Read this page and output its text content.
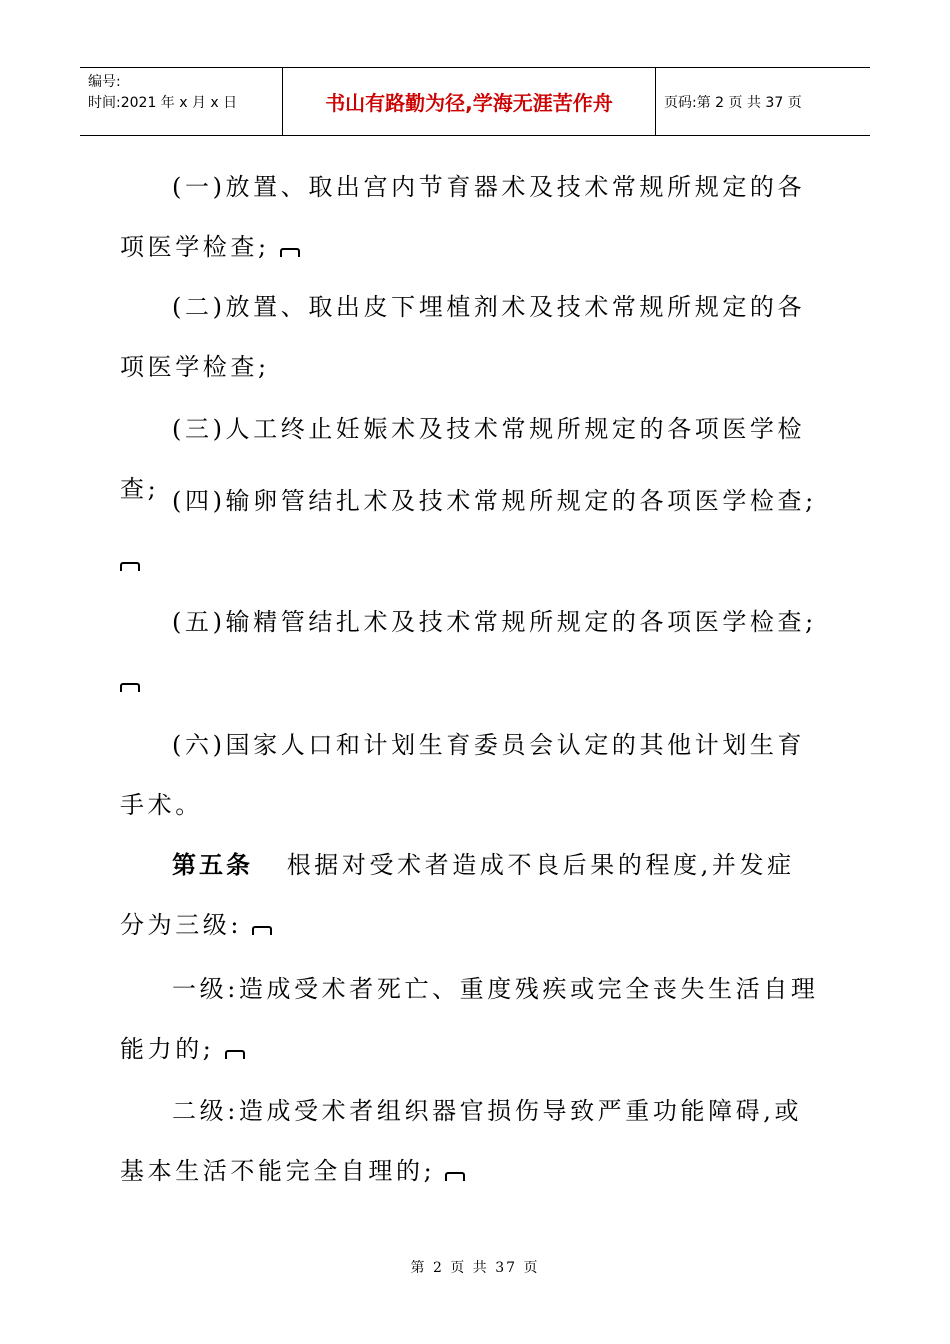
编号:
时间:2021 年 x 月 x 日	书山有路勤为径,学海无涯苦作舟	页码:第 2 页 共 37 页

(一)放置、取出宫内节育器术及技术常规所规定的各项医学检查;

(二)放置、取出皮下埋植剂术及技术常规所规定的各项医学检查;

(三)人工终止妊娠术及技术常规所规定的各项医学检查; (四)输卵管结扎术及技术常规所规定的各项医学检查;

(五)输精管结扎术及技术常规所规定的各项医学检查;

(六)国家人口和计划生育委员会认定的其他计划生育手术。

第五条 根据对受术者造成不良后果的程度,并发症分为三级:

一级:造成受术者死亡、重度残疾或完全丧失生活自理能力的;

二级:造成受术者组织器官损伤导致严重功能障碍,或基本生活不能完全自理的;

第 2 页 共 37 页
